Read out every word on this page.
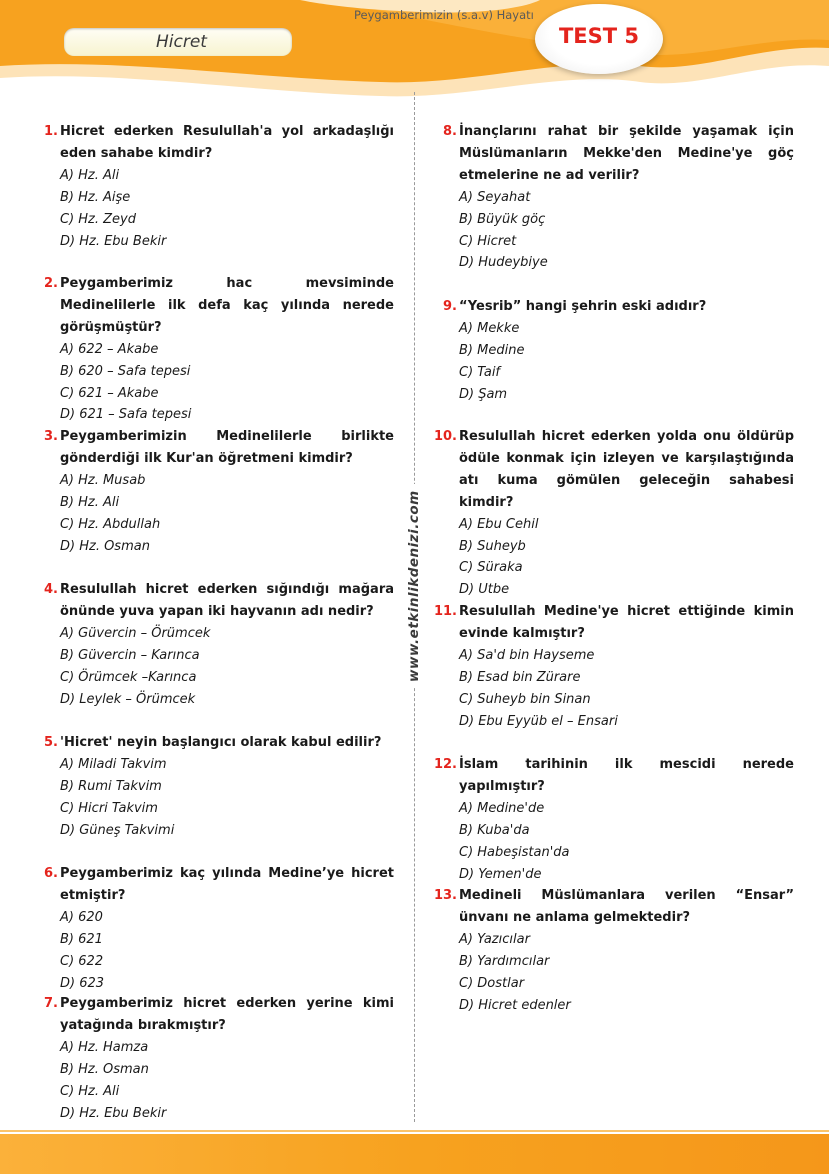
Hicret
Peygamberimizin (s.a.v) Hayatı
TEST 5
www.etkinlikdenizi.com
1. Hicret ederken Resulullah'a yol arkadaşlığı eden sahabe kimdir?
A) Hz. Ali
B) Hz. Aişe
C) Hz. Zeyd
D) Hz. Ebu Bekir
2. Peygamberimiz hac mevsiminde Medinelilerle ilk defa kaç yılında nerede görüşmüştür?
A) 622 – Akabe
B) 620 – Safa tepesi
C) 621 – Akabe
D) 621 – Safa tepesi
3. Peygamberimizin Medinelilerle birlikte gönderdiği ilk Kur'an öğretmeni kimdir?
A) Hz. Musab
B) Hz. Ali
C) Hz. Abdullah
D) Hz. Osman
4. Resulullah hicret ederken sığındığı mağara önünde yuva yapan iki hayvanın adı nedir?
A) Güvercin – Örümcek
B) Güvercin – Karınca
C) Örümcek –Karınca
D) Leylek – Örümcek
5. 'Hicret' neyin başlangıcı olarak kabul edilir?
A) Miladi Takvim
B) Rumi Takvim
C) Hicri Takvim
D) Güneş Takvimi
6. Peygamberimiz kaç yılında Medine’ye hicret etmiştir?
A) 620
B) 621
C) 622
D) 623
7. Peygamberimiz hicret ederken yerine kimi yatağında bırakmıştır?
A) Hz. Hamza
B) Hz. Osman
C) Hz. Ali
D) Hz. Ebu Bekir
8. İnançlarını rahat bir şekilde yaşamak için Müslümanların Mekke'den Medine'ye göç etmelerine ne ad verilir?
A) Seyahat
B) Büyük göç
C) Hicret
D) Hudeybiye
9. “Yesrib” hangi şehrin eski adıdır?
A) Mekke
B) Medine
C) Taif
D) Şam
10. Resulullah hicret ederken yolda onu öldürüp ödüle konmak için izleyen ve karşılaştığında atı kuma gömülen geleceğin sahabesi kimdir?
A) Ebu Cehil
B) Suheyb
C) Süraka
D) Utbe
11. Resulullah Medine'ye hicret ettiğinde kimin evinde kalmıştır?
A) Sa'd bin Hayseme
B) Esad bin Zürare
C) Suheyb bin Sinan
D) Ebu Eyyüb el – Ensari
12. İslam tarihinin ilk mescidi nerede yapılmıştır?
A) Medine'de
B) Kuba'da
C) Habeşistan'da
D) Yemen'de
13. Medineli Müslümanlara verilen “Ensar” ünvanı ne anlama gelmektedir?
A) Yazıcılar
B) Yardımcılar
C) Dostlar
D) Hicret edenler
